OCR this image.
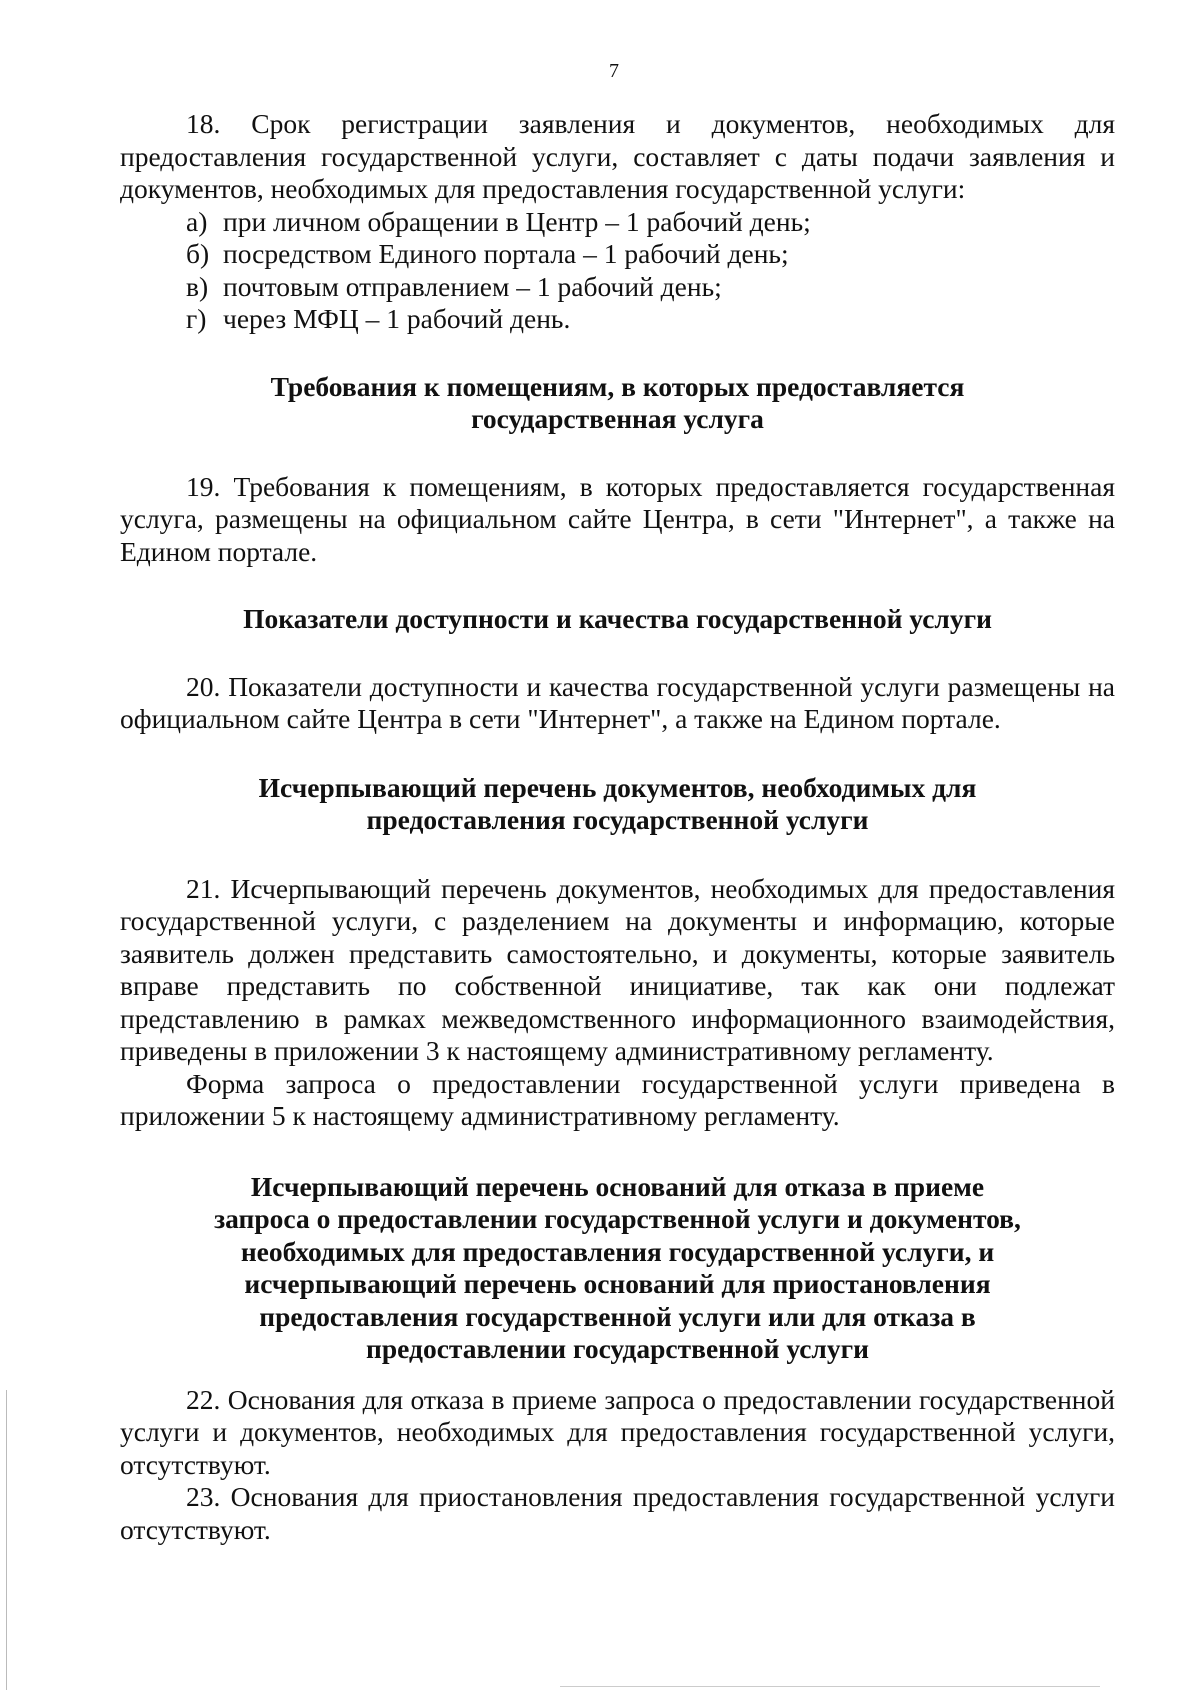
7

18. Срок регистрации заявления и документов, необходимых для предоставления государственной услуги, составляет с даты подачи заявления и документов, необходимых для предоставления государственной услуги:

а) при личном обращении в Центр – 1 рабочий день;
б) посредством Единого портала – 1 рабочий день;
в) почтовым отправлением – 1 рабочий день;
г) через МФЦ – 1 рабочий день.
Требования к помещениям, в которых предоставляется
государственная услуга

19. Требования к помещениям, в которых предоставляется государственная услуга, размещены на официальном сайте Центра, в сети "Интернет", а также на Едином портале.

Показатели доступности и качества государственной услуги

20. Показатели доступности и качества государственной услуги размещены на официальном сайте Центра в сети "Интернет", а также на Едином портале.

Исчерпывающий перечень документов, необходимых для
предоставления государственной услуги

21. Исчерпывающий перечень документов, необходимых для предоставления государственной услуги, с разделением на документы и информацию, которые заявитель должен представить самостоятельно, и документы, которые заявитель вправе представить по собственной инициативе, так как они подлежат представлению в рамках межведомственного информационного взаимодействия, приведены в приложении 3 к настоящему административному регламенту.

Форма запроса о предоставлении государственной услуги приведена в приложении 5 к настоящему административному регламенту.

Исчерпывающий перечень оснований для отказа в приеме
запроса о предоставлении государственной услуги и документов,
необходимых для предоставления государственной услуги, и
исчерпывающий перечень оснований для приостановления
предоставления государственной услуги или для отказа в
предоставлении государственной услуги

22. Основания для отказа в приеме запроса о предоставлении государственной услуги и документов, необходимых для предоставления государственной услуги, отсутствуют.

23. Основания для приостановления предоставления государственной услуги отсутствуют.
